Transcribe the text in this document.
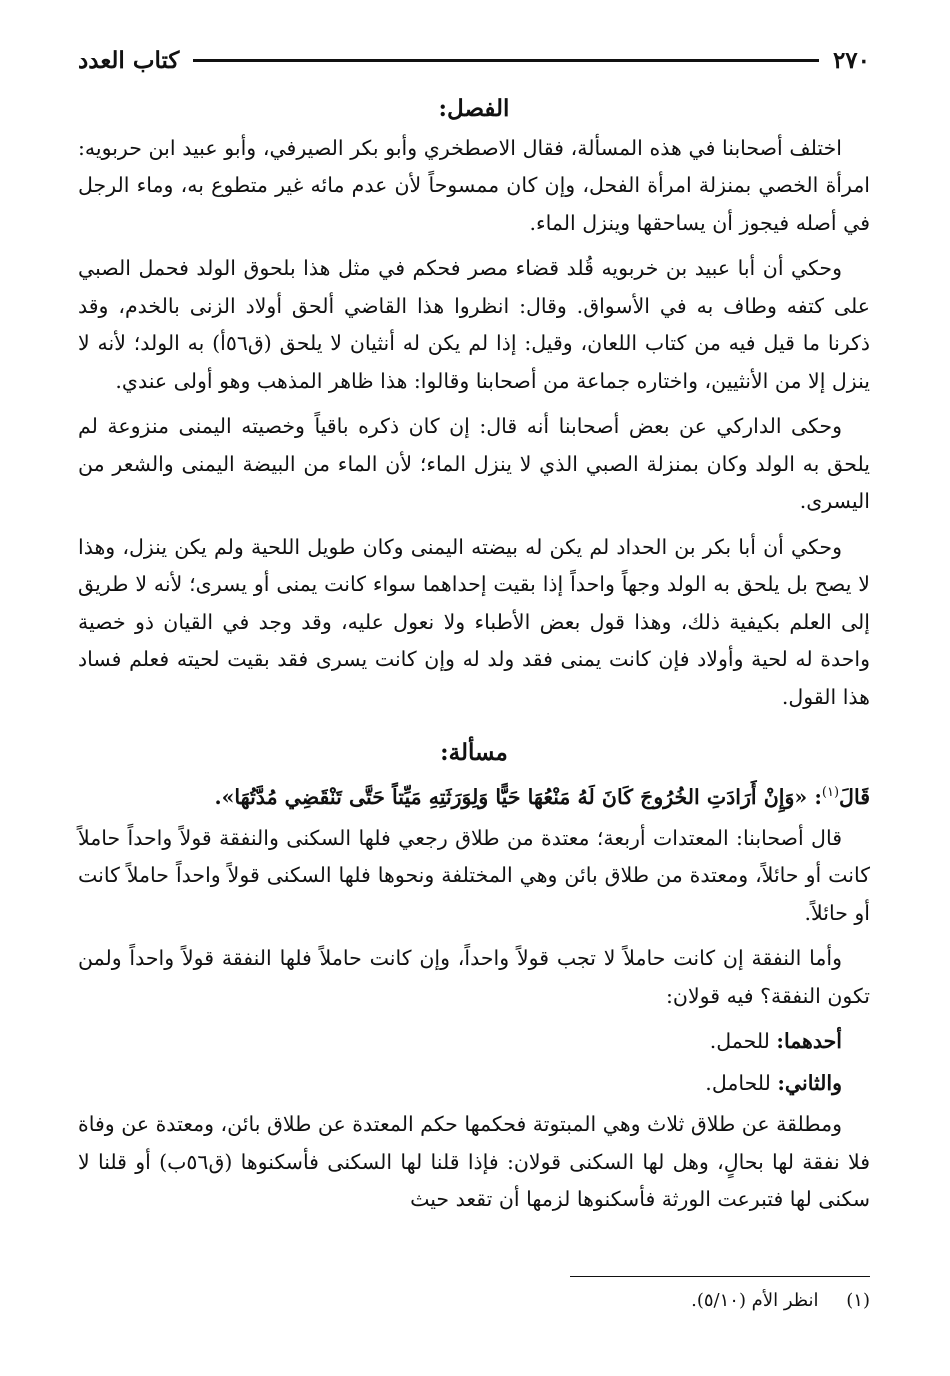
٢٧٠
كتاب العدد
الفصل:

اختلف أصحابنا في هذه المسألة، فقال الاصطخري وأبو بكر الصيرفي، وأبو عبيد ابن حربويه: امرأة الخصي بمنزلة امرأة الفحل، وإن كان ممسوحاً لأن عدم مائه غير متطوع به، وماء الرجل في أصله فيجوز أن يساحقها وينزل الماء.

وحكي أن أبا عبيد بن خربويه قُلد قضاء مصر فحكم في مثل هذا بلحوق الولد فحمل الصبي على كتفه وطاف به في الأسواق. وقال: انظروا هذا القاضي ألحق أولاد الزنى بالخدم، وقد ذكرنا ما قيل فيه من كتاب اللعان، وقيل: إذا لم يكن له أنثيان لا يلحق (ق٥٦أ) به الولد؛ لأنه لا ينزل إلا من الأنثيين، واختاره جماعة من أصحابنا وقالوا: هذا ظاهر المذهب وهو أولى عندي.

وحكى الداركي عن بعض أصحابنا أنه قال: إن كان ذكره باقياً وخصيته اليمنى منزوعة لم يلحق به الولد وكان بمنزلة الصبي الذي لا ينزل الماء؛ لأن الماء من البيضة اليمنى والشعر من اليسرى.

وحكي أن أبا بكر بن الحداد لم يكن له بيضته اليمنى وكان طويل اللحية ولم يكن ينزل، وهذا لا يصح بل يلحق به الولد وجهاً واحداً إذا بقيت إحداهما سواء كانت يمنى أو يسرى؛ لأنه لا طريق إلى العلم بكيفية ذلك، وهذا قول بعض الأطباء ولا نعول عليه، وقد وجد في القيان ذو خصية واحدة له لحية وأولاد فإن كانت يمنى فقد ولد له وإن كانت يسرى فقد بقيت لحيته فعلم فساد هذا القول.

مسألة:

قَالَ$^{(١)}$: «وَإِنْ أَرَادَتِ الخُرُوجَ كَانَ لَهُ مَنْعُهَا حَيًّا وَلِوَرَثَتِهِ مَيِّتاً حَتَّى تَنْقَضِي مُدَّتُهَا».

قال أصحابنا: المعتدات أربعة؛ معتدة من طلاق رجعي فلها السكنى والنفقة قولاً واحداً حاملاً كانت أو حائلاً، ومعتدة من طلاق بائن وهي المختلفة ونحوها فلها السكنى قولاً واحداً حاملاً كانت أو حائلاً.

وأما النفقة إن كانت حاملاً لا تجب قولاً واحداً، وإن كانت حاملاً فلها النفقة قولاً واحداً ولمن تكون النفقة؟ فيه قولان:

أحدهما: للحمل.

والثاني: للحامل.

ومطلقة عن طلاق ثلاث وهي المبتوتة فحكمها حكم المعتدة عن طلاق بائن، ومعتدة عن وفاة فلا نفقة لها بحالٍ، وهل لها السكنى قولان: فإذا قلنا لها السكنى فأسكنوها (ق٥٦ب) أو قلنا لا سكنى لها فتبرعت الورثة فأسكنوها لزمها أن تقعد حيث

(١) انظر الأم (٥/١٠).
